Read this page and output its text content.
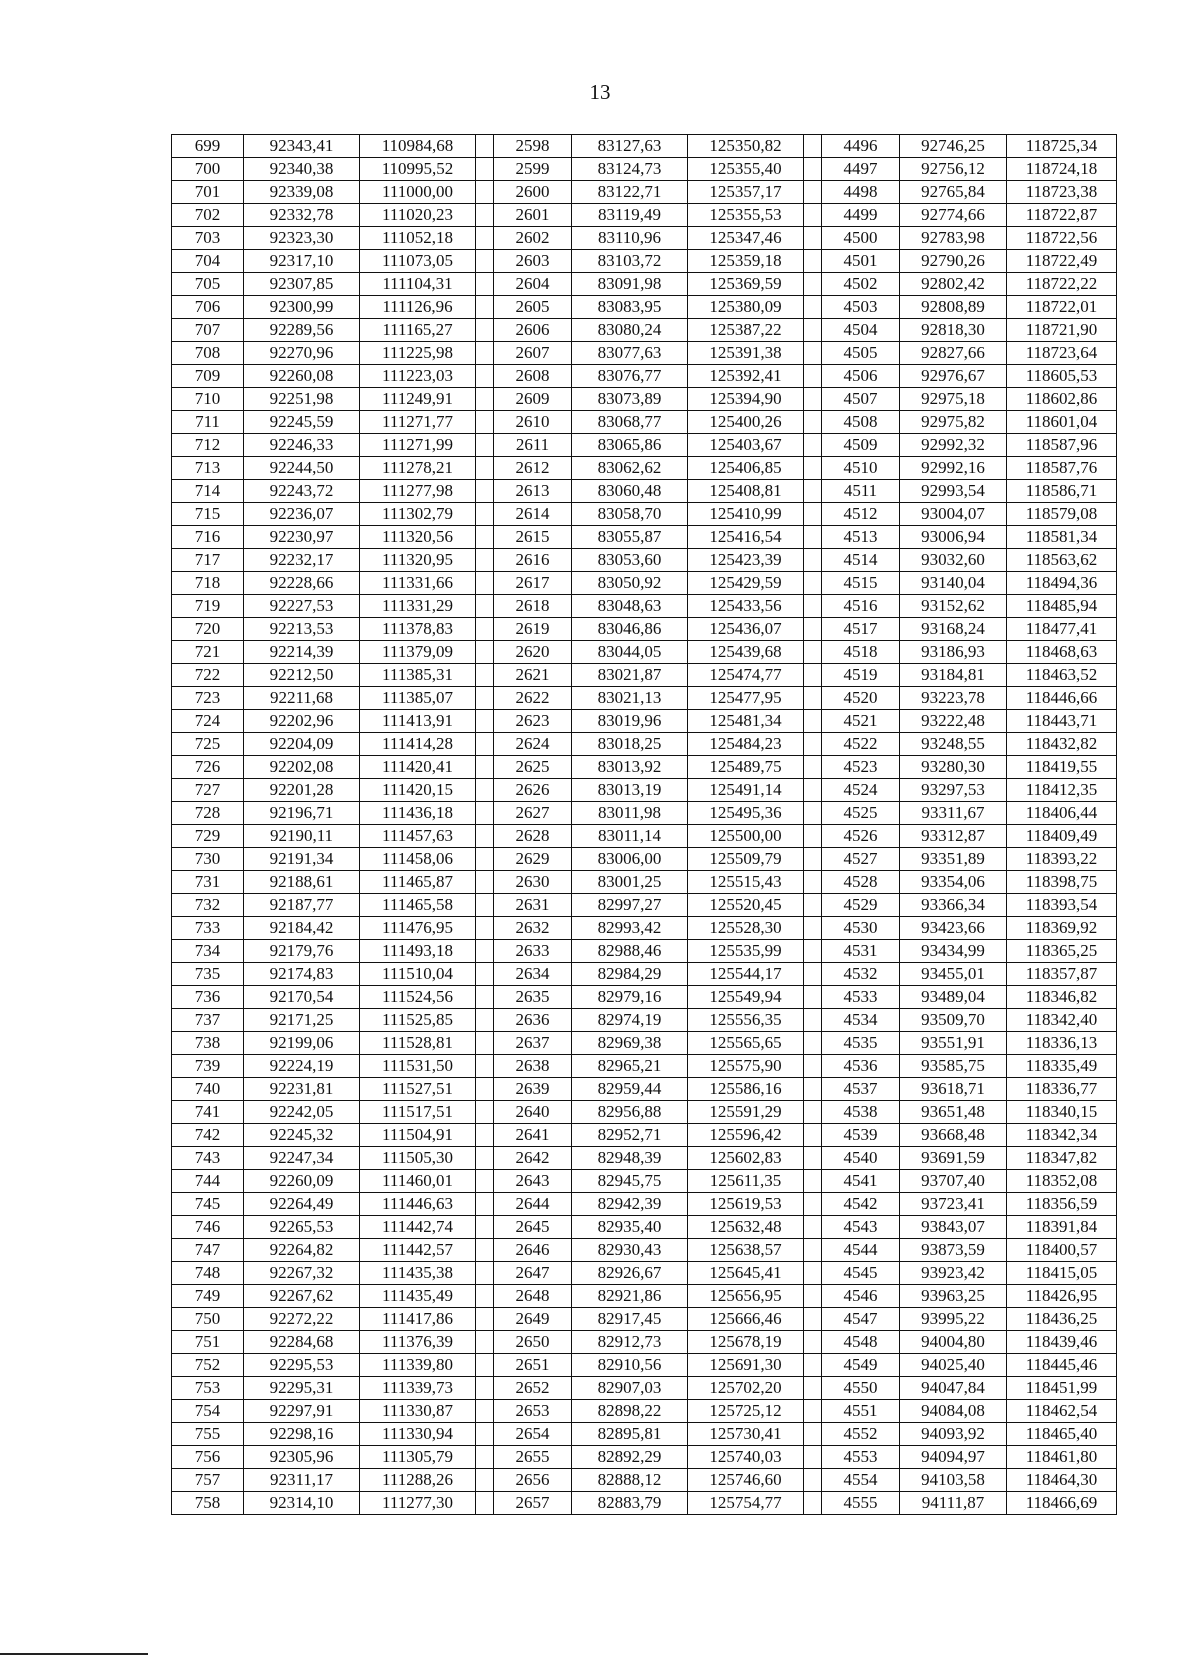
13
699	92343,41	110984,68		2598	83127,63	125350,82		4496	92746,25	118725,34
700	92340,38	110995,52		2599	83124,73	125355,40		4497	92756,12	118724,18
701	92339,08	111000,00		2600	83122,71	125357,17		4498	92765,84	118723,38
702	92332,78	111020,23		2601	83119,49	125355,53		4499	92774,66	118722,87
703	92323,30	111052,18		2602	83110,96	125347,46		4500	92783,98	118722,56
704	92317,10	111073,05		2603	83103,72	125359,18		4501	92790,26	118722,49
705	92307,85	111104,31		2604	83091,98	125369,59		4502	92802,42	118722,22
706	92300,99	111126,96		2605	83083,95	125380,09		4503	92808,89	118722,01
707	92289,56	111165,27		2606	83080,24	125387,22		4504	92818,30	118721,90
708	92270,96	111225,98		2607	83077,63	125391,38		4505	92827,66	118723,64
709	92260,08	111223,03		2608	83076,77	125392,41		4506	92976,67	118605,53
710	92251,98	111249,91		2609	83073,89	125394,90		4507	92975,18	118602,86
711	92245,59	111271,77		2610	83068,77	125400,26		4508	92975,82	118601,04
712	92246,33	111271,99		2611	83065,86	125403,67		4509	92992,32	118587,96
713	92244,50	111278,21		2612	83062,62	125406,85		4510	92992,16	118587,76
714	92243,72	111277,98		2613	83060,48	125408,81		4511	92993,54	118586,71
715	92236,07	111302,79		2614	83058,70	125410,99		4512	93004,07	118579,08
716	92230,97	111320,56		2615	83055,87	125416,54		4513	93006,94	118581,34
717	92232,17	111320,95		2616	83053,60	125423,39		4514	93032,60	118563,62
718	92228,66	111331,66		2617	83050,92	125429,59		4515	93140,04	118494,36
719	92227,53	111331,29		2618	83048,63	125433,56		4516	93152,62	118485,94
720	92213,53	111378,83		2619	83046,86	125436,07		4517	93168,24	118477,41
721	92214,39	111379,09		2620	83044,05	125439,68		4518	93186,93	118468,63
722	92212,50	111385,31		2621	83021,87	125474,77		4519	93184,81	118463,52
723	92211,68	111385,07		2622	83021,13	125477,95		4520	93223,78	118446,66
724	92202,96	111413,91		2623	83019,96	125481,34		4521	93222,48	118443,71
725	92204,09	111414,28		2624	83018,25	125484,23		4522	93248,55	118432,82
726	92202,08	111420,41		2625	83013,92	125489,75		4523	93280,30	118419,55
727	92201,28	111420,15		2626	83013,19	125491,14		4524	93297,53	118412,35
728	92196,71	111436,18		2627	83011,98	125495,36		4525	93311,67	118406,44
729	92190,11	111457,63		2628	83011,14	125500,00		4526	93312,87	118409,49
730	92191,34	111458,06		2629	83006,00	125509,79		4527	93351,89	118393,22
731	92188,61	111465,87		2630	83001,25	125515,43		4528	93354,06	118398,75
732	92187,77	111465,58		2631	82997,27	125520,45		4529	93366,34	118393,54
733	92184,42	111476,95		2632	82993,42	125528,30		4530	93423,66	118369,92
734	92179,76	111493,18		2633	82988,46	125535,99		4531	93434,99	118365,25
735	92174,83	111510,04		2634	82984,29	125544,17		4532	93455,01	118357,87
736	92170,54	111524,56		2635	82979,16	125549,94		4533	93489,04	118346,82
737	92171,25	111525,85		2636	82974,19	125556,35		4534	93509,70	118342,40
738	92199,06	111528,81		2637	82969,38	125565,65		4535	93551,91	118336,13
739	92224,19	111531,50		2638	82965,21	125575,90		4536	93585,75	118335,49
740	92231,81	111527,51		2639	82959,44	125586,16		4537	93618,71	118336,77
741	92242,05	111517,51		2640	82956,88	125591,29		4538	93651,48	118340,15
742	92245,32	111504,91		2641	82952,71	125596,42		4539	93668,48	118342,34
743	92247,34	111505,30		2642	82948,39	125602,83		4540	93691,59	118347,82
744	92260,09	111460,01		2643	82945,75	125611,35		4541	93707,40	118352,08
745	92264,49	111446,63		2644	82942,39	125619,53		4542	93723,41	118356,59
746	92265,53	111442,74		2645	82935,40	125632,48		4543	93843,07	118391,84
747	92264,82	111442,57		2646	82930,43	125638,57		4544	93873,59	118400,57
748	92267,32	111435,38		2647	82926,67	125645,41		4545	93923,42	118415,05
749	92267,62	111435,49		2648	82921,86	125656,95		4546	93963,25	118426,95
750	92272,22	111417,86		2649	82917,45	125666,46		4547	93995,22	118436,25
751	92284,68	111376,39		2650	82912,73	125678,19		4548	94004,80	118439,46
752	92295,53	111339,80		2651	82910,56	125691,30		4549	94025,40	118445,46
753	92295,31	111339,73		2652	82907,03	125702,20		4550	94047,84	118451,99
754	92297,91	111330,87		2653	82898,22	125725,12		4551	94084,08	118462,54
755	92298,16	111330,94		2654	82895,81	125730,41		4552	94093,92	118465,40
756	92305,96	111305,79		2655	82892,29	125740,03		4553	94094,97	118461,80
757	92311,17	111288,26		2656	82888,12	125746,60		4554	94103,58	118464,30
758	92314,10	111277,30		2657	82883,79	125754,77		4555	94111,87	118466,69
